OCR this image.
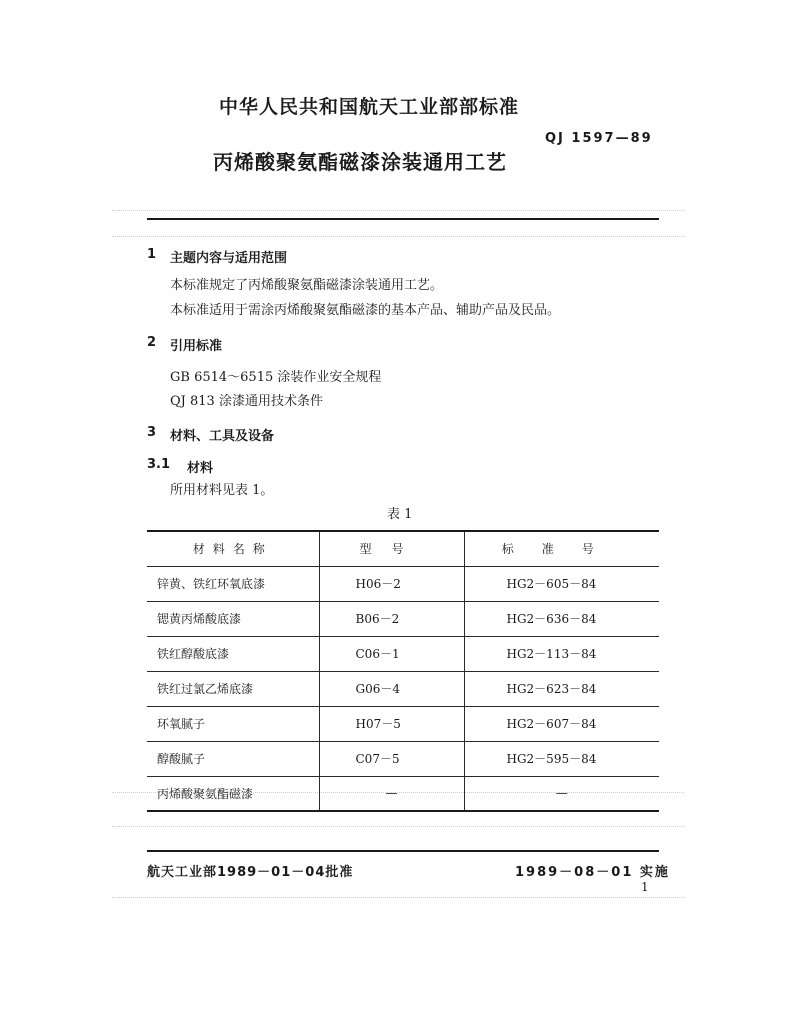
中华人民共和国航天工业部部标准
QJ 1597—89
丙烯酸聚氨酯磁漆涂装通用工艺
1 主题内容与适用范围
本标准规定了丙烯酸聚氨酯磁漆涂装通用工艺。
本标准适用于需涂丙烯酸聚氨酯磁漆的基本产品、辅助产品及民品。
2 引用标准
GB 6514～6515 涂装作业安全规程
QJ 813 涂漆通用技术条件
3 材料、工具及设备
3.1 材料
所用材料见表 1。
表 1
材料名称	型号	标准号
锌黄、铁红环氧底漆	H06－2	HG2－605－84
锶黄丙烯酸底漆	B06－2	HG2－636－84
铁红醇酸底漆	C06－1	HG2－113－84
铁红过氯乙烯底漆	G06－4	HG2－623－84
环氧腻子	H07－5	HG2－607－84
醇酸腻子	C07－5	HG2－595－84
丙烯酸聚氨酯磁漆	—	—
航天工业部1989－01－04批准	1989－08－01 实施
1
